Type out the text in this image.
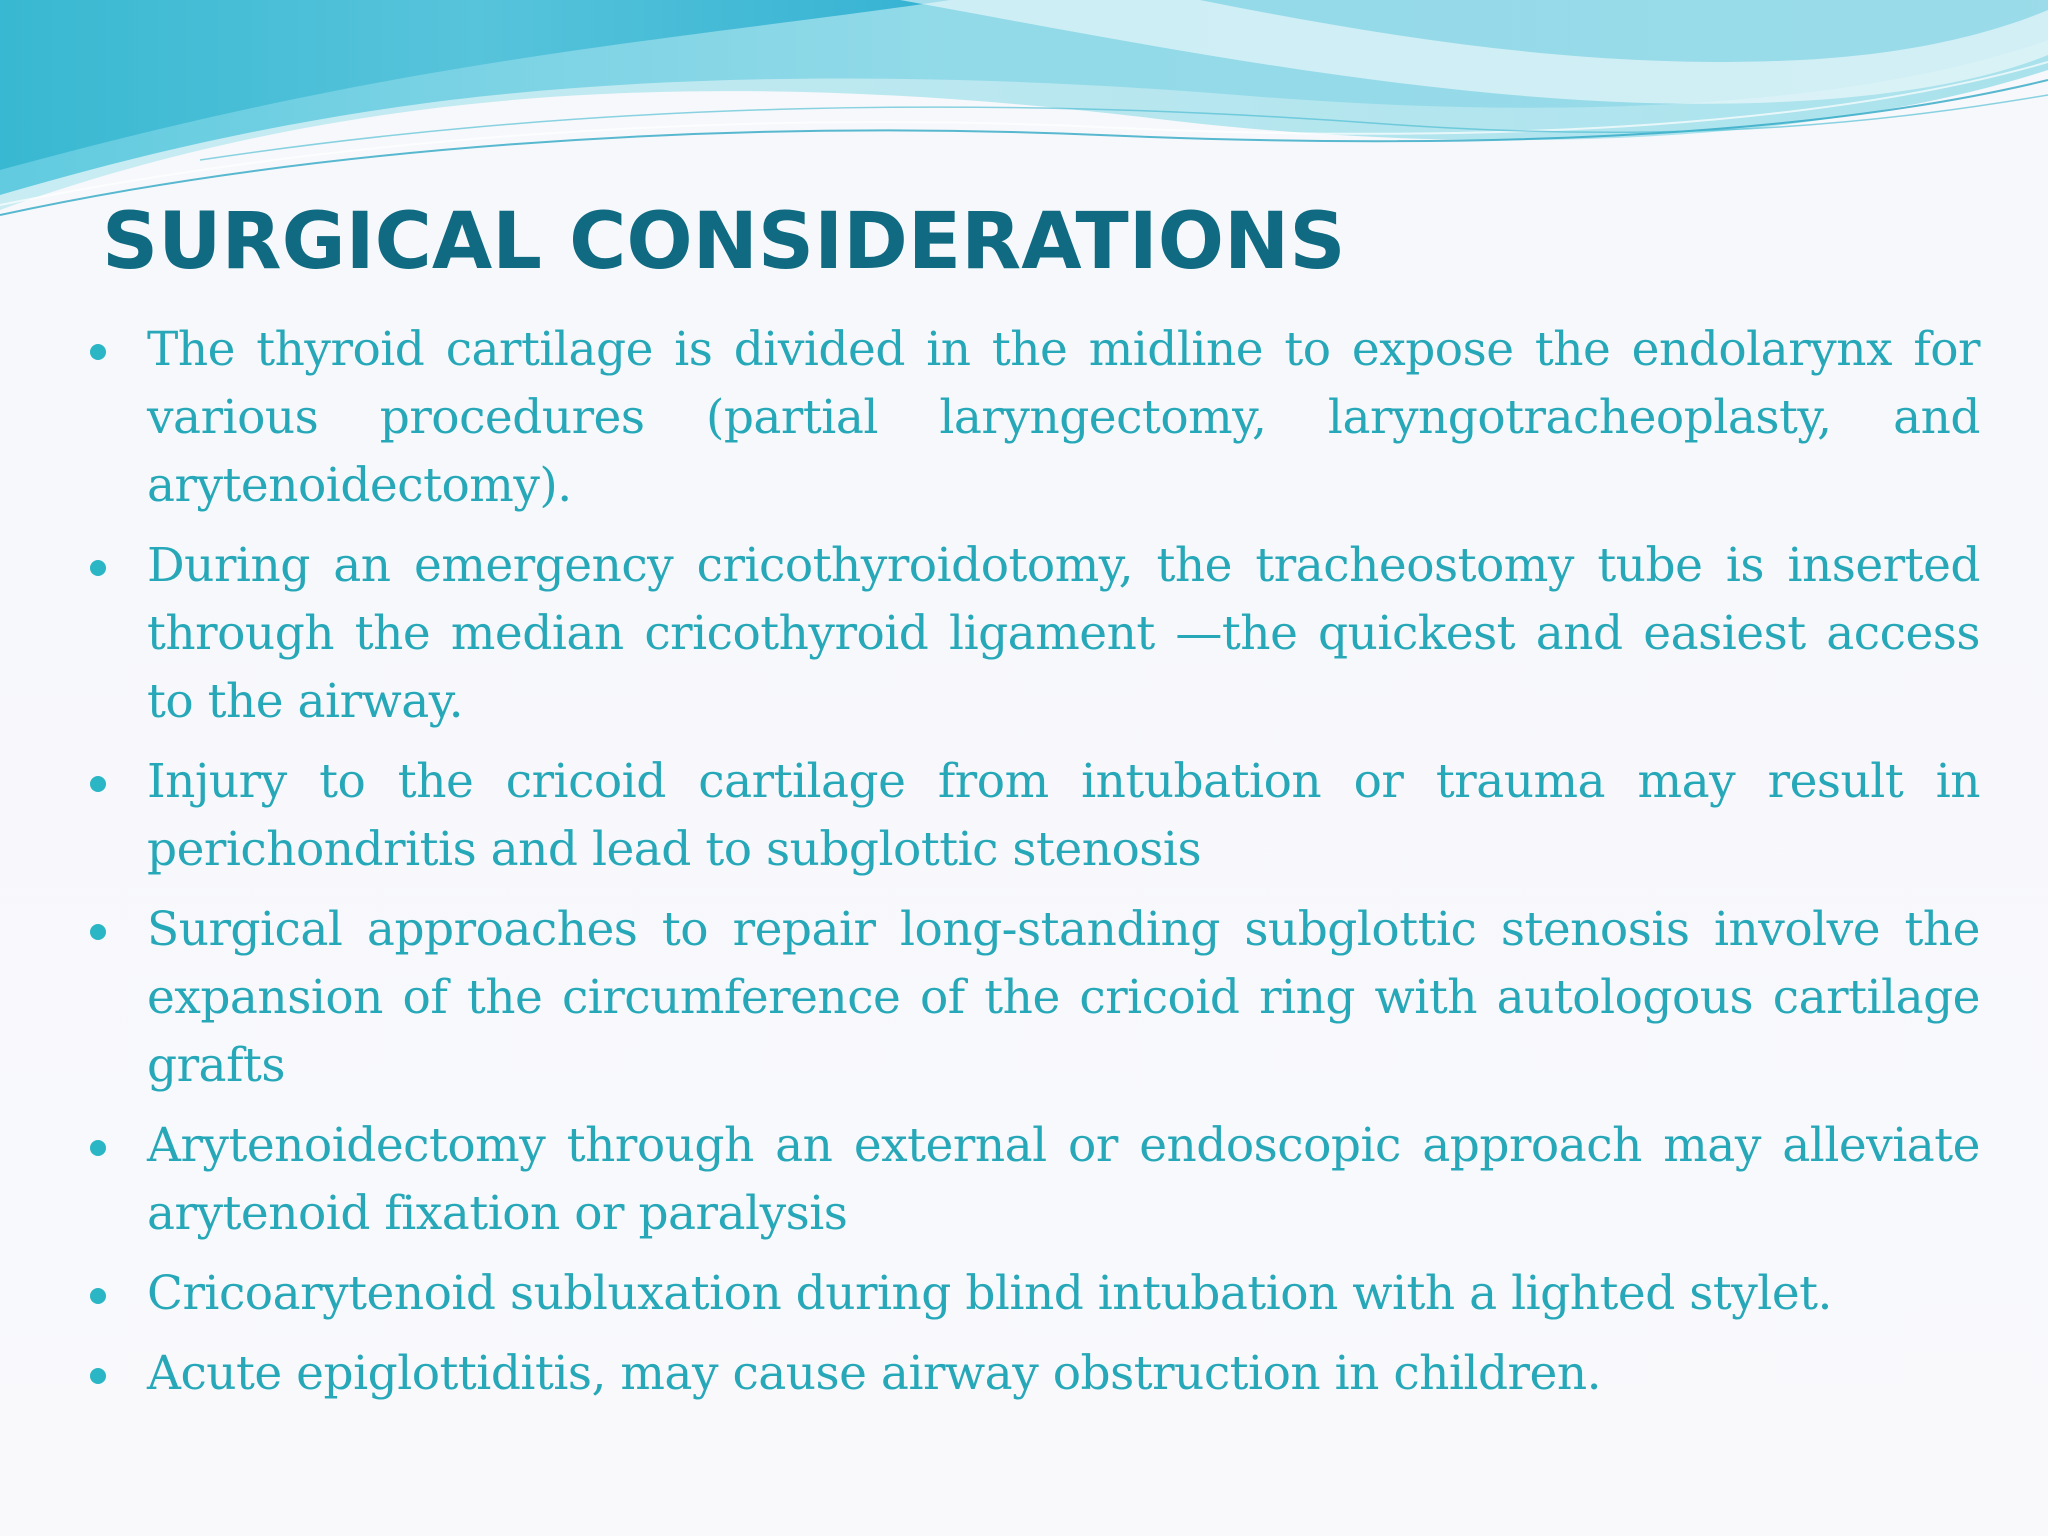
SURGICAL CONSIDERATIONS
The thyroid cartilage is divided in the midline to expose the endolarynx for various procedures (partial laryngectomy, laryngotracheoplasty, and arytenoidectomy).
During an emergency cricothyroidotomy, the tracheostomy tube is inserted through the median cricothyroid ligament —the quickest and easiest access to the airway.
Injury to the cricoid cartilage from intubation or trauma may result in perichondritis and lead to subglottic stenosis
Surgical approaches to repair long-standing subglottic stenosis involve the expansion of the circumference of the cricoid ring with autologous cartilage grafts
Arytenoidectomy through an external or endoscopic approach may alleviate arytenoid fixation or paralysis
Cricoarytenoid subluxation during blind intubation with a lighted stylet.
Acute epiglottiditis, may cause airway obstruction in children.
